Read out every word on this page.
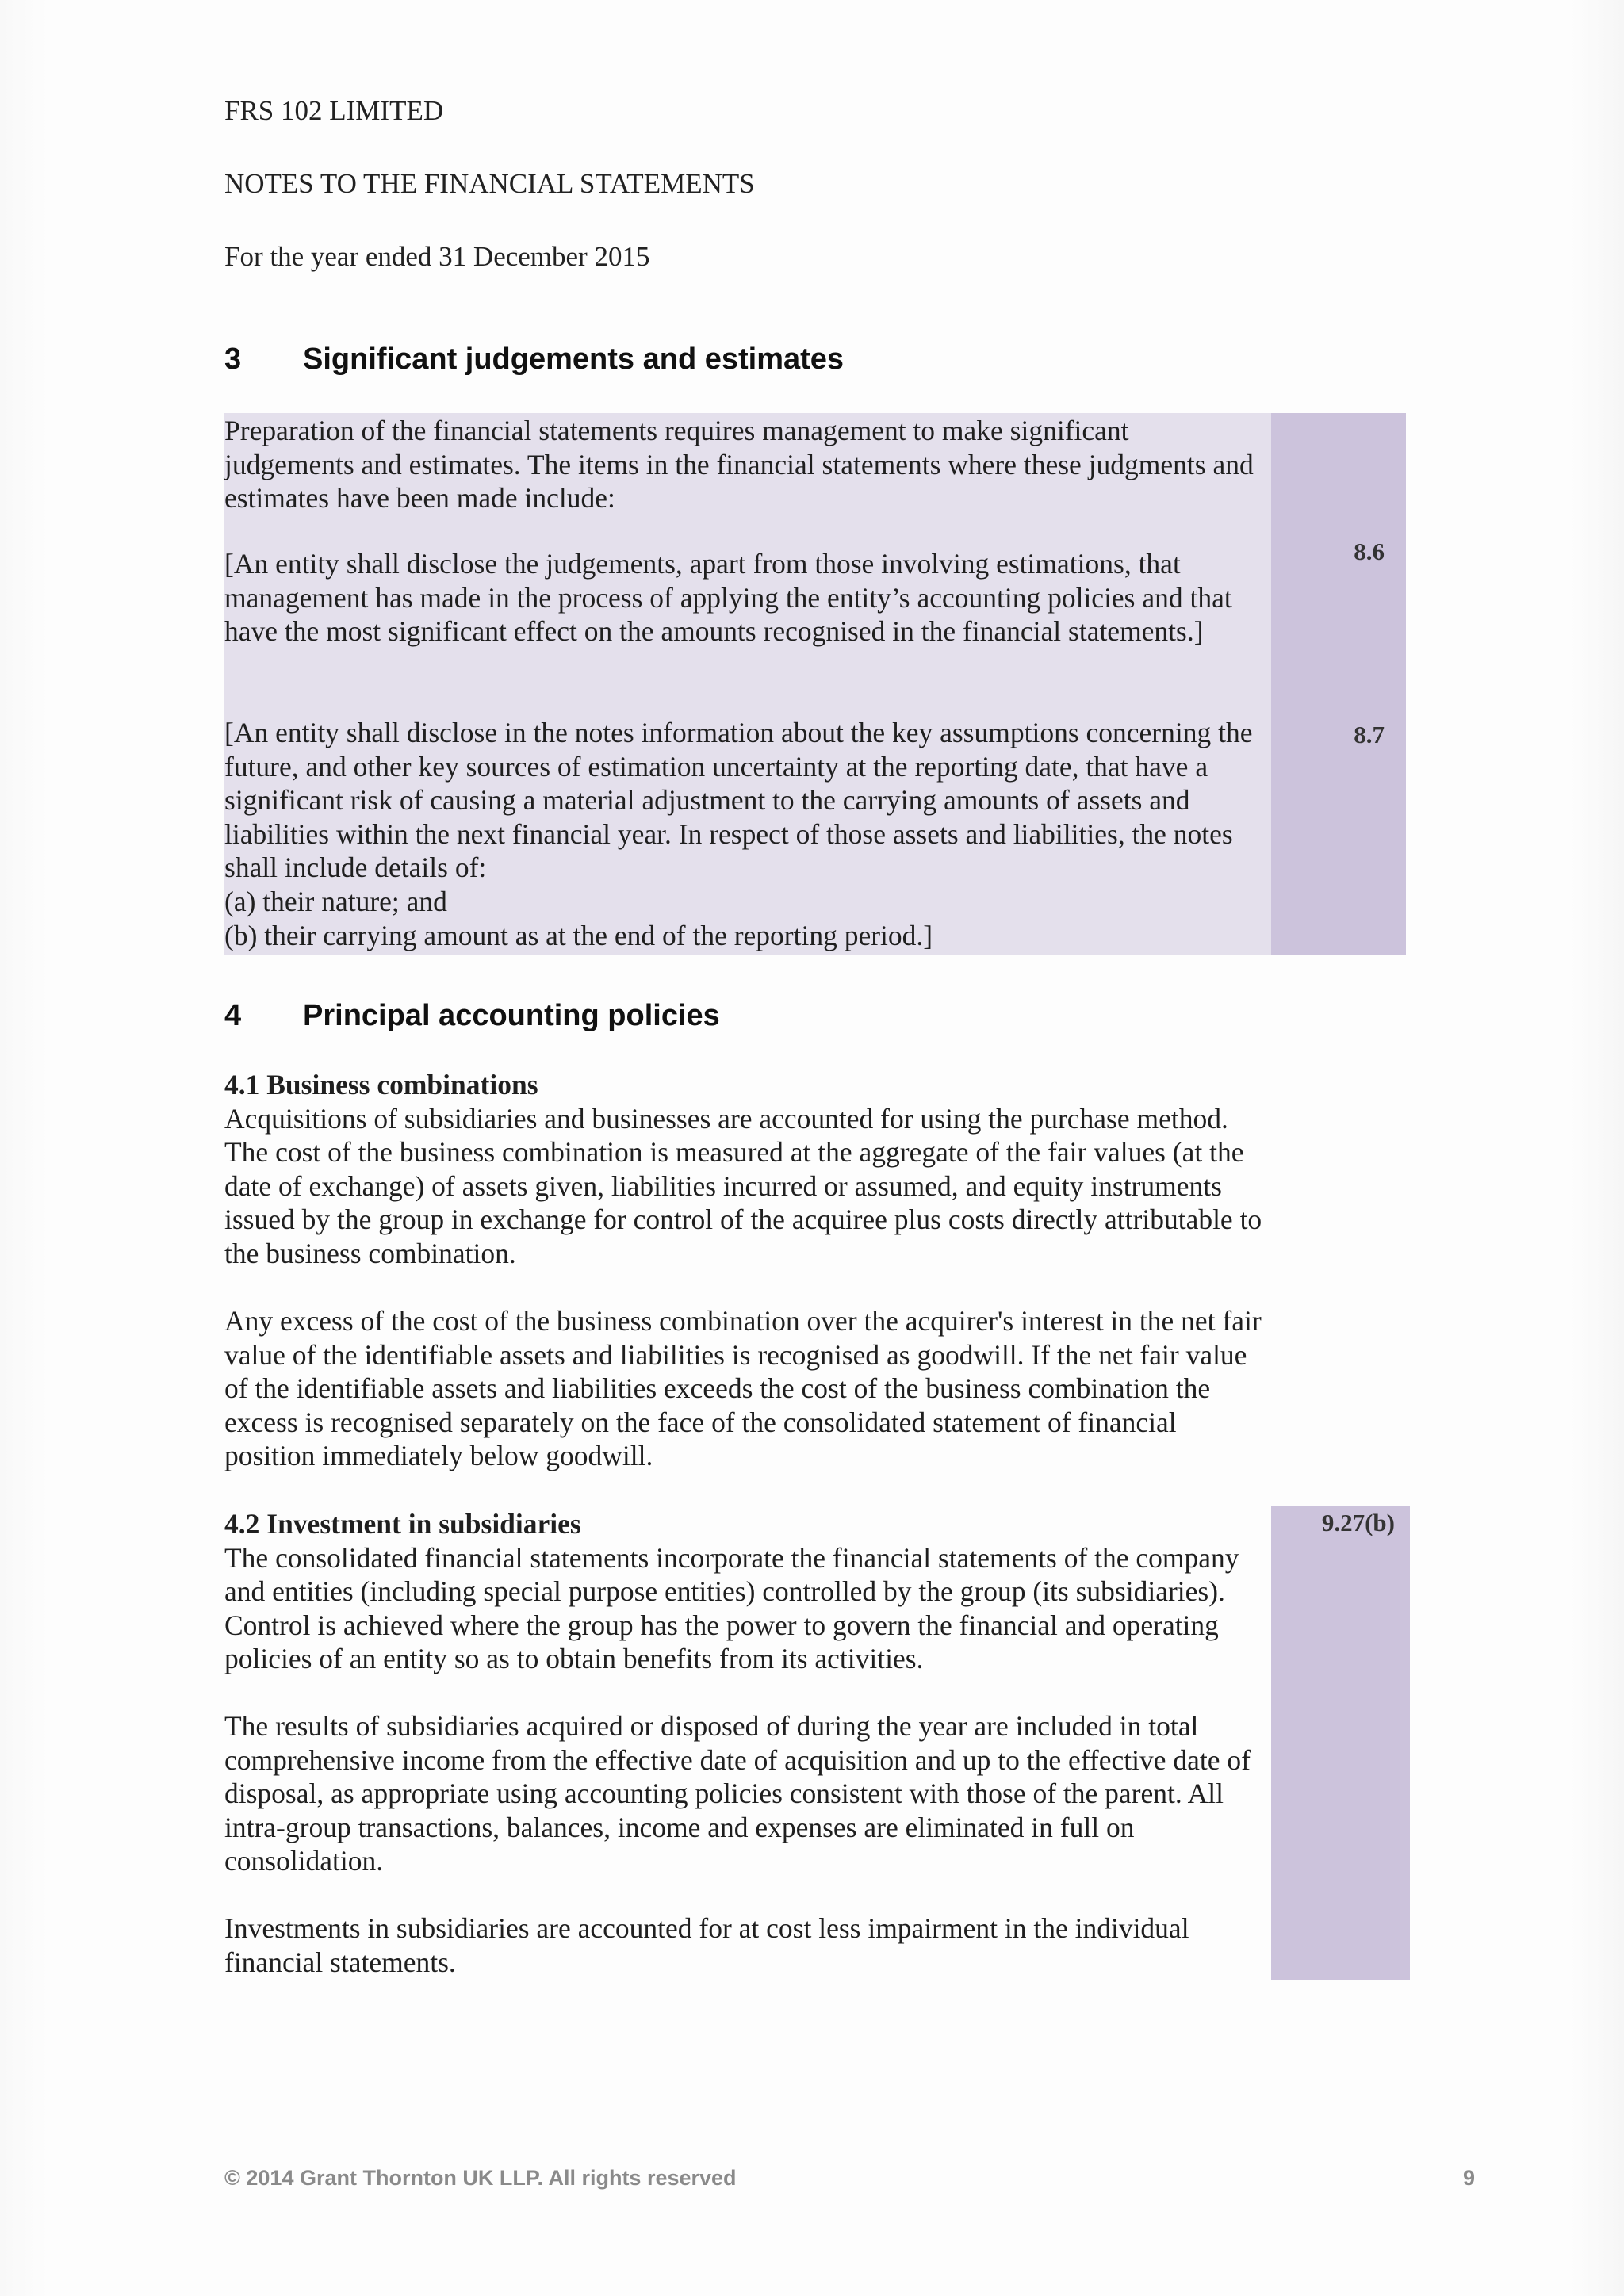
FRS 102 LIMITED
NOTES TO THE FINANCIAL STATEMENTS
For the year ended 31 December 2015
3 Significant judgements and estimates
Preparation of the financial statements requires management to make significant judgements and estimates. The items in the financial statements where these judgments and estimates have been made include:
[An entity shall disclose the judgements, apart from those involving estimations, that management has made in the process of applying the entity’s accounting policies and that have the most significant effect on the amounts recognised in the financial statements.]
8.6

[An entity shall disclose in the notes information about the key assumptions concerning the future, and other key sources of estimation uncertainty at the reporting date, that have a significant risk of causing a material adjustment to the carrying amounts of assets and liabilities within the next financial year. In respect of those assets and liabilities, the notes shall include details of:

(a) their nature; and

(b) their carrying amount as at the end of the reporting period.]

8.7
4 Principal accounting policies

4.1 Business combinations

Acquisitions of subsidiaries and businesses are accounted for using the purchase method. The cost of the business combination is measured at the aggregate of the fair values (at the date of exchange) of assets given, liabilities incurred or assumed, and equity instruments issued by the group in exchange for control of the acquiree plus costs directly attributable to the business combination.

Any excess of the cost of the business combination over the acquirer's interest in the net fair value of the identifiable assets and liabilities is recognised as goodwill. If the net fair value of the identifiable assets and liabilities exceeds the cost of the business combination the excess is recognised separately on the face of the consolidated statement of financial position immediately below goodwill.
9.27(b)

4.2 Investment in subsidiaries

The consolidated financial statements incorporate the financial statements of the company and entities (including special purpose entities) controlled by the group (its subsidiaries). Control is achieved where the group has the power to govern the financial and operating policies of an entity so as to obtain benefits from its activities.

The results of subsidiaries acquired or disposed of during the year are included in total comprehensive income from the effective date of acquisition and up to the effective date of disposal, as appropriate using accounting policies consistent with those of the parent. All intra-group transactions, balances, income and expenses are eliminated in full on consolidation.
Investments in subsidiaries are accounted for at cost less impairment in the individual financial statements.
© 2014 Grant Thornton UK LLP. All rights reserved	9
